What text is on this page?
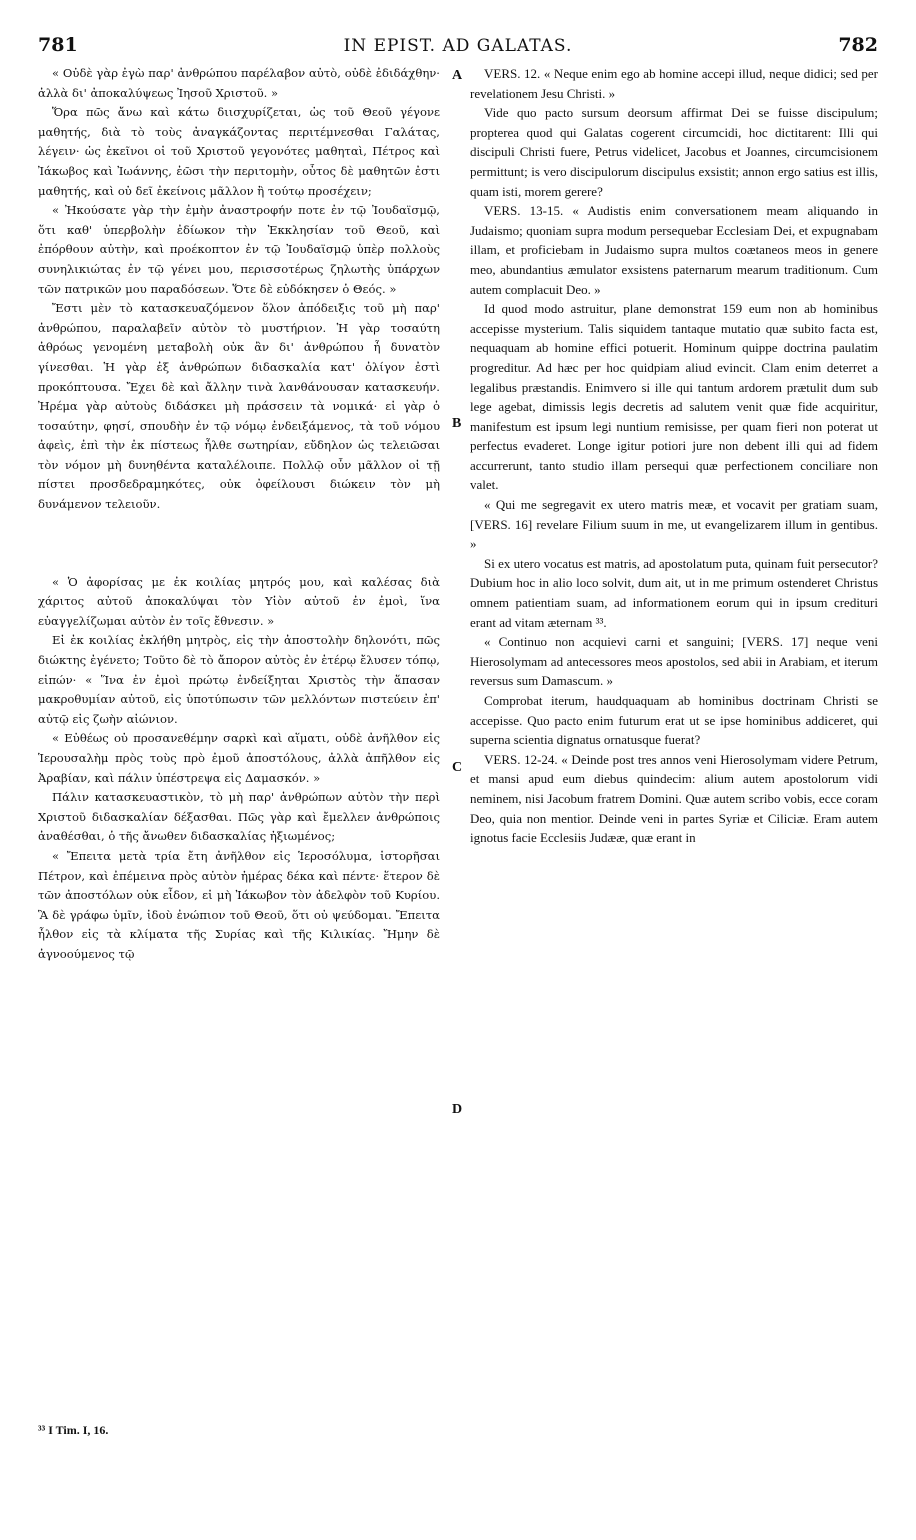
781	IN EPIST. AD GALATAS.	782

« Οὐδὲ γὰρ ἐγὼ παρ' ἀνθρώπου παρέλαβον αὐτὸ, οὐδὲ ἐδιδάχθην· ἀλλὰ δι' ἀποκαλύψεως Ἰησοῦ Χριστοῦ. »

Ὅρα πῶς ἄνω καὶ κάτω διισχυρίζεται, ὡς τοῦ Θεοῦ γέγονε μαθητής, διὰ τὸ τοὺς ἀναγκάζοντας περιτέμνεσθαι Γαλάτας, λέγειν· ὡς ἐκεῖνοι οἱ τοῦ Χριστοῦ γεγονότες μαθηταὶ, Πέτρος καὶ Ἰάκωβος καὶ Ἰωάννης, ἐῶσι τὴν περιτομὴν, οὗτος δὲ μαθητῶν ἐστι μαθητής, καὶ οὐ δεῖ ἐκείνοις μᾶλλον ἢ τούτῳ προσέχειν;

« Ἠκούσατε γὰρ τὴν ἐμὴν ἀναστροφήν ποτε ἐν τῷ Ἰουδαϊσμῷ, ὅτι καθ' ὑπερβολὴν ἐδίωκον τὴν Ἐκκλησίαν τοῦ Θεοῦ, καὶ ἐπόρθουν αὐτὴν, καὶ προέκοπτον ἐν τῷ Ἰουδαϊσμῷ ὑπὲρ πολλοὺς συνηλικιώτας ἐν τῷ γένει μου, περισσοτέρως ζηλωτὴς ὑπάρχων τῶν πατρικῶν μου παραδόσεων. Ὅτε δὲ εὐδόκησεν ὁ Θεός. »

Ἔστι μὲν τὸ κατασκευαζόμενον ὅλον ἀπόδειξις τοῦ μὴ παρ' ἀνθρώπου, παραλαβεῖν αὐτὸν τὸ μυστήριον. Ἡ γὰρ τοσαύτη ἀθρόως γενομένη μεταβολὴ οὐκ ἂν δι' ἀνθρώπου ἦ δυνατὸν γίνεσθαι. Ἡ γὰρ ἐξ ἀνθρώπων διδασκαλία κατ' ὀλίγον ἐστὶ προκόπτουσα. Ἔχει δὲ καὶ ἄλλην τινὰ λανθάνουσαν κατασκευήν. Ἠρέμα γὰρ αὐτοὺς διδάσκει μὴ πράσσειν τὰ νομικά· εἰ γὰρ ὁ τοσαύτην, φησί, σπουδὴν ἐν τῷ νόμῳ ἐνδειξάμενος, τὰ τοῦ νόμου ἀφεὶς, ἐπὶ τὴν ἐκ πίστεως ἦλθε σωτηρίαν, εὔδηλον ὡς τελειῶσαι τὸν νόμον μὴ δυνηθέντα καταλέλοιπε. Πολλῷ οὖν μᾶλλον οἱ τῇ πίστει προσδεδραμηκότες, οὐκ ὀφείλουσι διώκειν τὸν μὴ δυνάμενον τελειοῦν.

« Ὁ ἀφορίσας με ἐκ κοιλίας μητρός μου, καὶ καλέσας διὰ χάριτος αὐτοῦ ἀποκαλύψαι τὸν Υἱὸν αὐτοῦ ἐν ἐμοὶ, ἵνα εὐαγγελίζωμαι αὐτὸν ἐν τοῖς ἔθνεσιν. »

Εἰ ἐκ κοιλίας ἐκλήθη μητρὸς, εἰς τὴν ἀποστολὴν δηλονότι, πῶς διώκτης ἐγένετο; Τοῦτο δὲ τὸ ἄπορον αὐτὸς ἐν ἑτέρῳ ἔλυσεν τόπῳ, εἰπών· « Ἵνα ἐν ἐμοὶ πρώτῳ ἐνδείξηται Χριστὸς τὴν ἅπασαν μακροθυμίαν αὐτοῦ, εἰς ὑποτύπωσιν τῶν μελλόντων πιστεύειν ἐπ' αὐτῷ εἰς ζωὴν αἰώνιον.

« Εὐθέως οὐ προσανεθέμην σαρκὶ καὶ αἵματι, οὐδὲ ἀνῆλθον εἰς Ἱερουσαλὴμ πρὸς τοὺς πρὸ ἐμοῦ ἀποστόλους, ἀλλὰ ἀπῆλθον εἰς Ἀραβίαν, καὶ πάλιν ὑπέστρεψα εἰς Δαμασκόν. »

Πάλιν κατασκευαστικὸν, τὸ μὴ παρ' ἀνθρώπων αὐτὸν τὴν περὶ Χριστοῦ διδασκαλίαν δέξασθαι. Πῶς γὰρ καὶ ἔμελλεν ἀνθρώποις ἀναθέσθαι, ὁ τῆς ἄνωθεν διδασκαλίας ἠξιωμένος;

« Ἔπειτα μετὰ τρία ἔτη ἀνῆλθον εἰς Ἱεροσόλυμα, ἱστορῆσαι Πέτρον, καὶ ἐπέμεινα πρὸς αὐτὸν ἡμέρας δέκα καὶ πέντε· ἕτερον δὲ τῶν ἀποστόλων οὐκ εἶδον, εἰ μὴ Ἰάκωβον τὸν ἀδελφὸν τοῦ Κυρίου. Ἃ δὲ γράφω ὑμῖν, ἰδοὺ ἐνώπιον τοῦ Θεοῦ, ὅτι οὐ ψεύδομαι. Ἔπειτα ἦλθον εἰς τὰ κλίματα τῆς Συρίας καὶ τῆς Κιλικίας. Ἤμην δὲ ἀγνοούμενος τῷ

VERS. 12. « Neque enim ego ab homine accepi illud, neque didici; sed per revelationem Jesu Christi. »

Vide quo pacto sursum deorsum affirmat Dei se fuisse discipulum; propterea quod qui Galatas cogerent circumcidi, hoc dictitarent: Illi qui discipuli Christi fuere, Petrus videlicet, Jacobus et Joannes, circumcisionem permittunt; is vero discipulorum discipulus exsistit; annon ergo satius est illis, quam isti, morem gerere?

VERS. 13-15. « Audistis enim conversationem meam aliquando in Judaismo; quoniam supra modum persequebar Ecclesiam Dei, et expugnabam illam, et proficiebam in Judaismo supra multos coætaneos meos in genere meo, abundantius æmulator exsistens paternarum mearum traditionum. Cum autem complacuit Deo. »

Id quod modo astruitur, plane demonstrat 159 eum non ab hominibus accepisse mysterium. Talis siquidem tantaque mutatio quæ subito facta est, nequaquam ab homine effici potuerit. Hominum quippe doctrina paulatim progreditur. Ad hæc per hoc quidpiam aliud evincit. Clam enim deterret a legalibus præstandis. Enimvero si ille qui tantum ardorem prætulit dum sub lege agebat, dimissis legis decretis ad salutem venit quæ fide acquiritur, manifestum est ipsum legi nuntium remisisse, per quam fieri non poterat ut perfectus evaderet. Longe igitur potiori jure non debent illi qui ad fidem accurrerunt, tanto studio illam persequi quæ perfectionem conciliare non valet.

« Qui me segregavit ex utero matris meæ, et vocavit per gratiam suam, [VERS. 16] revelare Filium suum in me, ut evangelizarem illum in gentibus. »

Si ex utero vocatus est matris, ad apostolatum puta, quinam fuit persecutor? Dubium hoc in alio loco solvit, dum ait, ut in me primum ostenderet Christus omnem patientiam suam, ad informationem eorum qui in ipsum credituri erant ad vitam æternam ³³.

« Continuo non acquievi carni et sanguini; [VERS. 17] neque veni Hierosolymam ad antecessores meos apostolos, sed abii in Arabiam, et iterum reversus sum Damascum. »

Comprobat iterum, haudquaquam ab hominibus doctrinam Christi se accepisse. Quo pacto enim futurum erat ut se ipse hominibus addiceret, qui superna scientia dignatus ornatusque fuerat?

VERS. 12-24. « Deinde post tres annos veni Hierosolymam videre Petrum, et mansi apud eum diebus quindecim: alium autem apostolorum vidi neminem, nisi Jacobum fratrem Domini. Quæ autem scribo vobis, ecce coram Deo, quia non mentior. Deinde veni in partes Syriæ et Ciliciæ. Eram autem ignotus facie Ecclesiis Judææ, quæ erant in

A
B
C
D
³³ I Tim. I, 16.
